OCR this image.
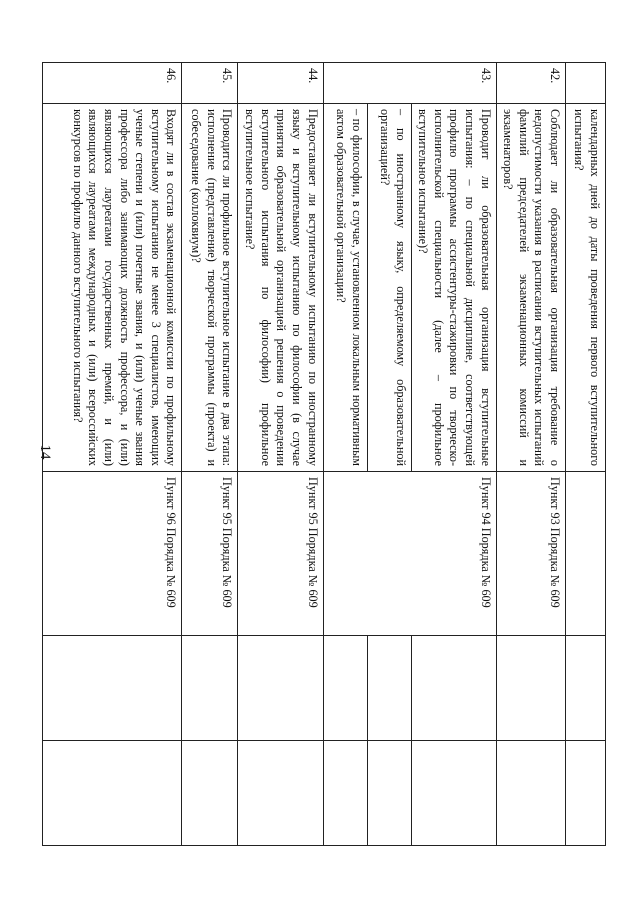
14
		календарных дней до даты проведения первого вступительного испытания?			
42.	Соблюдает ли образовательная организация требование о недопустимости указания в расписании вступительных испытаний фамилий председателей экзаменационных комиссий и экзаменаторов?	Пункт 93 Порядка № 609		
43.	Проводит ли образовательная организация вступительные испытания: – по специальной дисциплине, соответствующей профилю программы ассистентуры-стажировки по творческо-исполнительской специальности (далее – профильное вступительное испытание)?	Пункт 94 Порядка № 609		
	– по иностранному языку, определяемому образовательной организацией?			
	– по философии, в случае, установленном локальным нормативным актом образовательной организации?			
44.	Предоставляет ли вступительному испытанию по иностранному языку и вступительному испытанию по философии (в случае принятия образовательной организацией решения о проведении вступительного испытания по философии) профильное вступительное испытание?	Пункт 95 Порядка № 609		
45.	Проводится ли профильное вступительное испытание в два этапа: исполнение (представление) творческой программы (проекта) и собеседование (коллоквиум)?	Пункт 95 Порядка № 609		
46.	Входят ли в состав экзаменационной комиссии по профильному вступительному испытанию не менее 3 специалистов, имеющих ученые степени и (или) почетные звания, и (или) ученые звания профессора либо занимающих должность профессора, и (или) являющихся лауреатами государственных премий, и (или) являющихся лауреатами международных и (или) всероссийских конкурсов по профилю данного вступительного испытания?	Пункт 96 Порядка № 609		
